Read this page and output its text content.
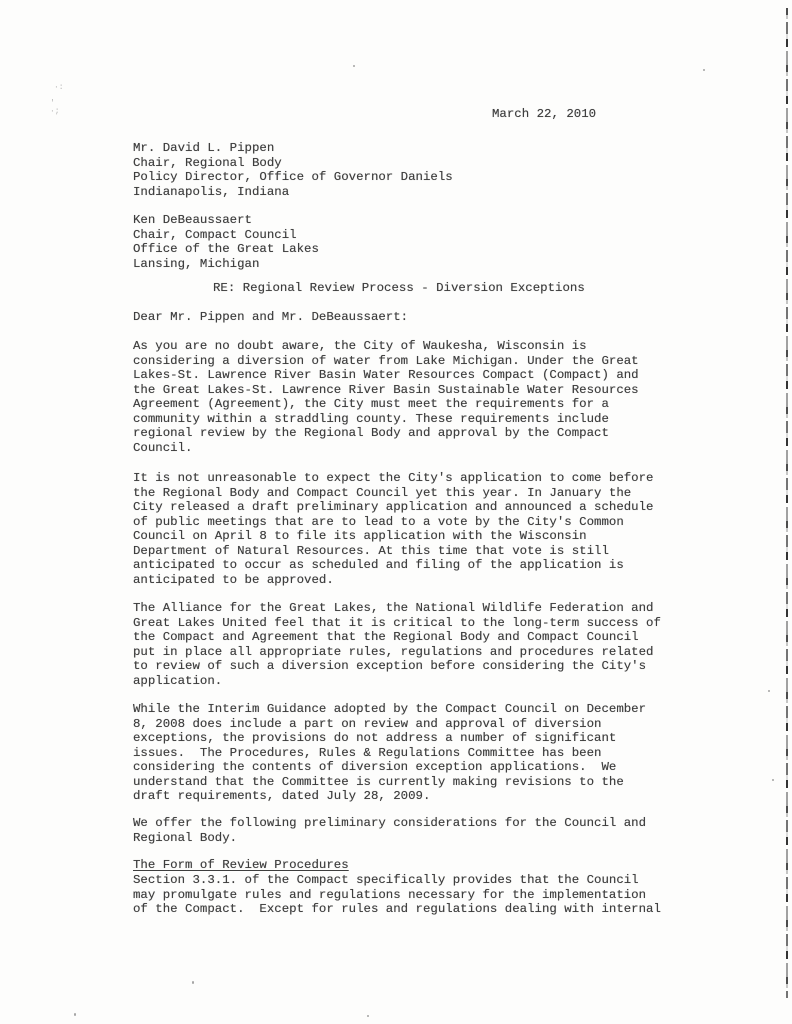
·:
'
·;	March 22, 2010
Mr. David L. Pippen
Chair, Regional Body
Policy Director, Office of Governor Daniels
Indianapolis, Indiana
Ken DeBeaussaert
Chair, Compact Council
Office of the Great Lakes
Lansing, Michigan
RE: Regional Review Process - Diversion Exceptions
Dear Mr. Pippen and Mr. DeBeaussaert:
As you are no doubt aware, the City of Waukesha, Wisconsin is
considering a diversion of water from Lake Michigan. Under the Great
Lakes-St. Lawrence River Basin Water Resources Compact (Compact) and
the Great Lakes-St. Lawrence River Basin Sustainable Water Resources
Agreement (Agreement), the City must meet the requirements for a
community within a straddling county. These requirements include
regional review by the Regional Body and approval by the Compact
Council.
It is not unreasonable to expect the City's application to come before
the Regional Body and Compact Council yet this year. In January the
City released a draft preliminary application and announced a schedule
of public meetings that are to lead to a vote by the City's Common
Council on April 8 to file its application with the Wisconsin
Department of Natural Resources. At this time that vote is still
anticipated to occur as scheduled and filing of the application is
anticipated to be approved.
The Alliance for the Great Lakes, the National Wildlife Federation and
Great Lakes United feel that it is critical to the long-term success of
the Compact and Agreement that the Regional Body and Compact Council
put in place all appropriate rules, regulations and procedures related
to review of such a diversion exception before considering the City's
application.
While the Interim Guidance adopted by the Compact Council on December
8, 2008 does include a part on review and approval of diversion
exceptions, the provisions do not address a number of significant
issues.  The Procedures, Rules & Regulations Committee has been
considering the contents of diversion exception applications.  We
understand that the Committee is currently making revisions to the
draft requirements, dated July 28, 2009.
We offer the following preliminary considerations for the Council and
Regional Body.
The Form of Review Procedures
Section 3.3.1. of the Compact specifically provides that the Council
may promulgate rules and regulations necessary for the implementation
of the Compact.  Except for rules and regulations dealing with internal
